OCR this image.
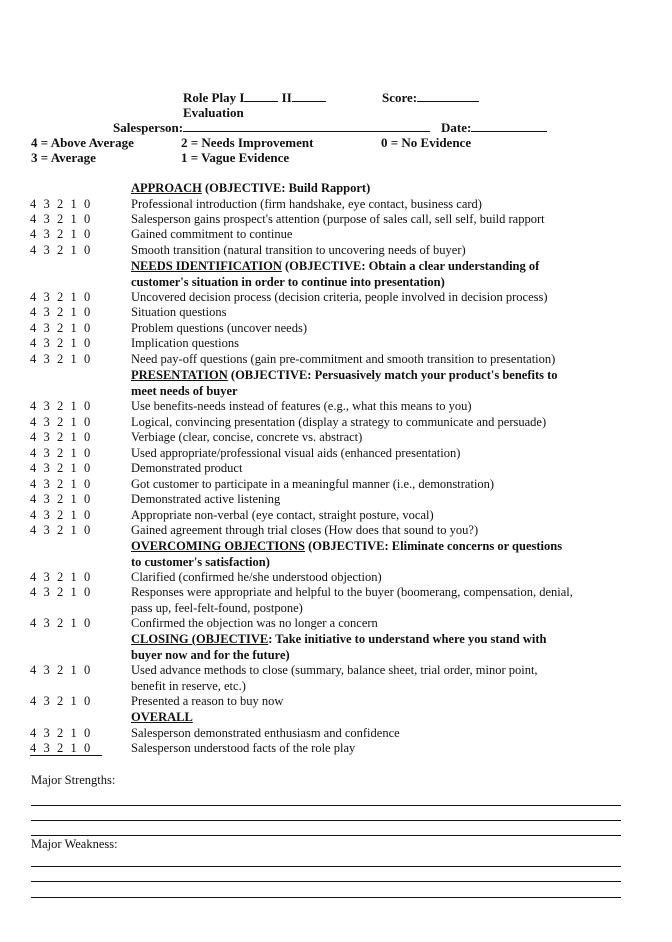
Role Play I	II	Score:
Evaluation
Salesperson:	Date:
4 = Above Average
3 = Average
2 = Needs Improvement
1 = Vague Evidence
0 = No Evidence
APPROACH (OBJECTIVE: Build Rapport)
4 3 2 1 0	Professional introduction (firm handshake, eye contact, business card)
4 3 2 1 0	Salesperson gains prospect's attention (purpose of sales call, sell self, build rapport
4 3 2 1 0	Gained commitment to continue
4 3 2 1 0	Smooth transition (natural transition to uncovering needs of buyer)
NEEDS IDENTIFICATION (OBJECTIVE: Obtain a clear understanding of
customer's situation in order to continue into presentation)
4 3 2 1 0	Uncovered decision process (decision criteria, people involved in decision process)
4 3 2 1 0	Situation questions
4 3 2 1 0	Problem questions (uncover needs)
4 3 2 1 0	Implication questions
4 3 2 1 0	Need pay-off questions (gain pre-commitment and smooth transition to presentation)
PRESENTATION (OBJECTIVE: Persuasively match your product's benefits to
meet needs of buyer
4 3 2 1 0	Use benefits-needs instead of features (e.g., what this means to you)
4 3 2 1 0	Logical, convincing presentation (display a strategy to communicate and persuade)
4 3 2 1 0	Verbiage (clear, concise, concrete vs. abstract)
4 3 2 1 0	Used appropriate/professional visual aids (enhanced presentation)
4 3 2 1 0	Demonstrated product
4 3 2 1 0	Got customer to participate in a meaningful manner (i.e., demonstration)
4 3 2 1 0	Demonstrated active listening
4 3 2 1 0	Appropriate non-verbal (eye contact, straight posture, vocal)
4 3 2 1 0	Gained agreement through trial closes (How does that sound to you?)
OVERCOMING OBJECTIONS (OBJECTIVE: Eliminate concerns or questions
to customer's satisfaction)
4 3 2 1 0	Clarified (confirmed he/she understood objection)
4 3 2 1 0	Responses were appropriate and helpful to the buyer (boomerang, compensation, denial,
pass up, feel-felt-found, postpone)
4 3 2 1 0	Confirmed the objection was no longer a concern
CLOSING (OBJECTIVE: Take initiative to understand where you stand with
buyer now and for the future)
4 3 2 1 0	Used advance methods to close (summary, balance sheet, trial order, minor point,
benefit in reserve, etc.)
4 3 2 1 0	Presented a reason to buy now
OVERALL
4 3 2 1 0	Salesperson demonstrated enthusiasm and confidence
4 3 2 1 0	Salesperson understood facts of the role play
Major Strengths:
Major Weakness:
